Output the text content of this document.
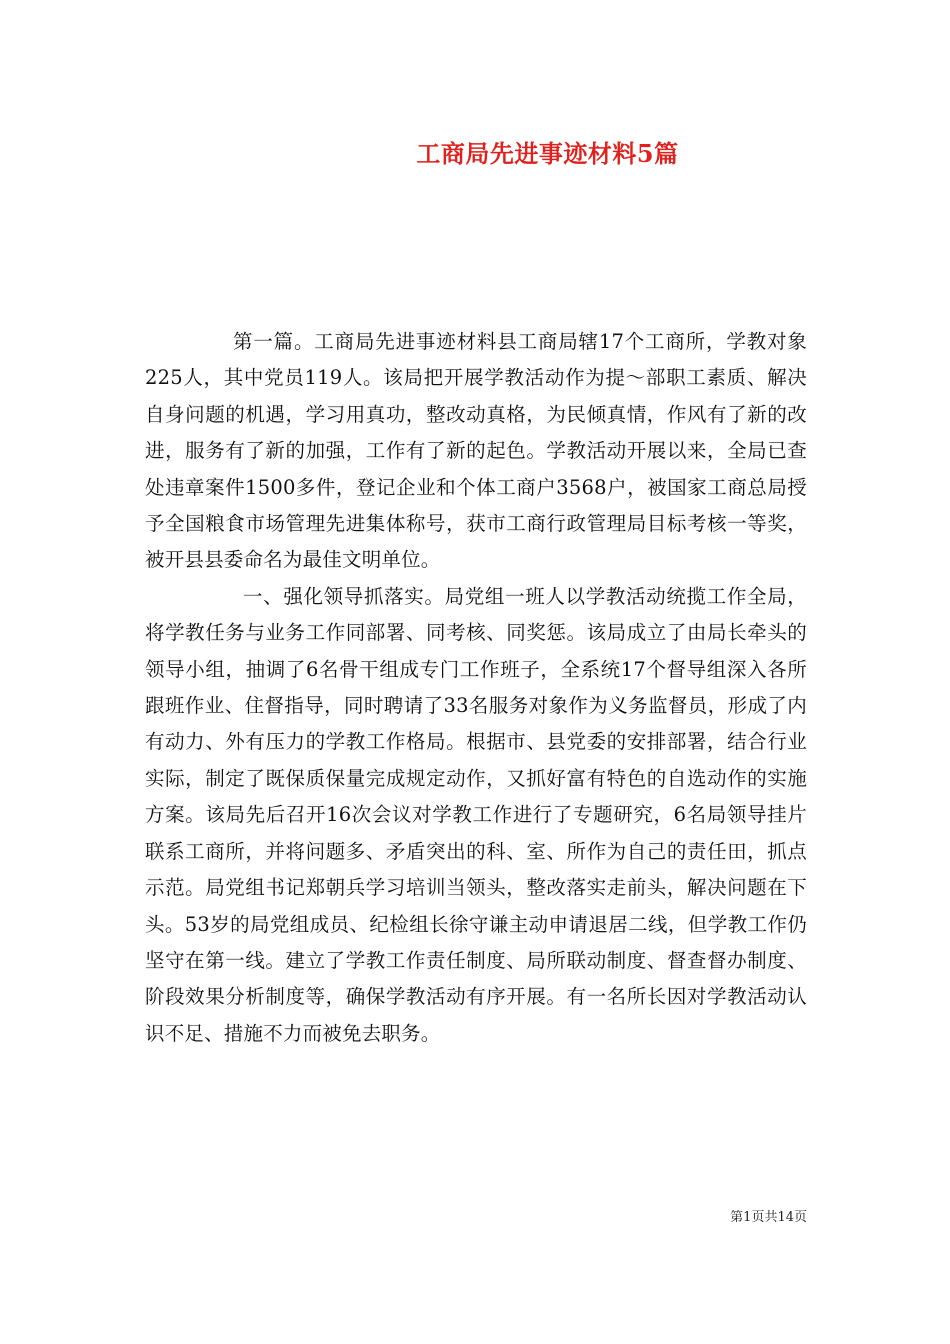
工商局先进事迹材料5篇

第一篇。工商局先进事迹材料县工商局辖17个工商所，学教对象225人，其中党员119人。该局把开展学教活动作为提～部职工素质、解决自身问题的机遇，学习用真功，整改动真格，为民倾真情，作风有了新的改进，服务有了新的加强，工作有了新的起色。学教活动开展以来，全局已查处违章案件1500多件，登记企业和个体工商户3568户，被国家工商总局授予全国粮食市场管理先进集体称号，获市工商行政管理局目标考核一等奖，被开县县委命名为最佳文明单位。

一、强化领导抓落实。局党组一班人以学教活动统揽工作全局，将学教任务与业务工作同部署、同考核、同奖惩。该局成立了由局长牵头的领导小组，抽调了6名骨干组成专门工作班子，全系统17个督导组深入各所跟班作业、住督指导，同时聘请了33名服务对象作为义务监督员，形成了内有动力、外有压力的学教工作格局。根据市、县党委的安排部署，结合行业实际，制定了既保质保量完成规定动作，又抓好富有特色的自选动作的实施方案。该局先后召开16次会议对学教工作进行了专题研究，6名局领导挂片联系工商所，并将问题多、矛盾突出的科、室、所作为自己的责任田，抓点示范。局党组书记郑朝兵学习培训当领头，整改落实走前头，解决问题在下头。53岁的局党组成员、纪检组长徐守谦主动申请退居二线，但学教工作仍坚守在第一线。建立了学教工作责任制度、局所联动制度、督查督办制度、阶段效果分析制度等，确保学教活动有序开展。有一名所长因对学教活动认识不足、措施不力而被免去职务。

第1页共14页
